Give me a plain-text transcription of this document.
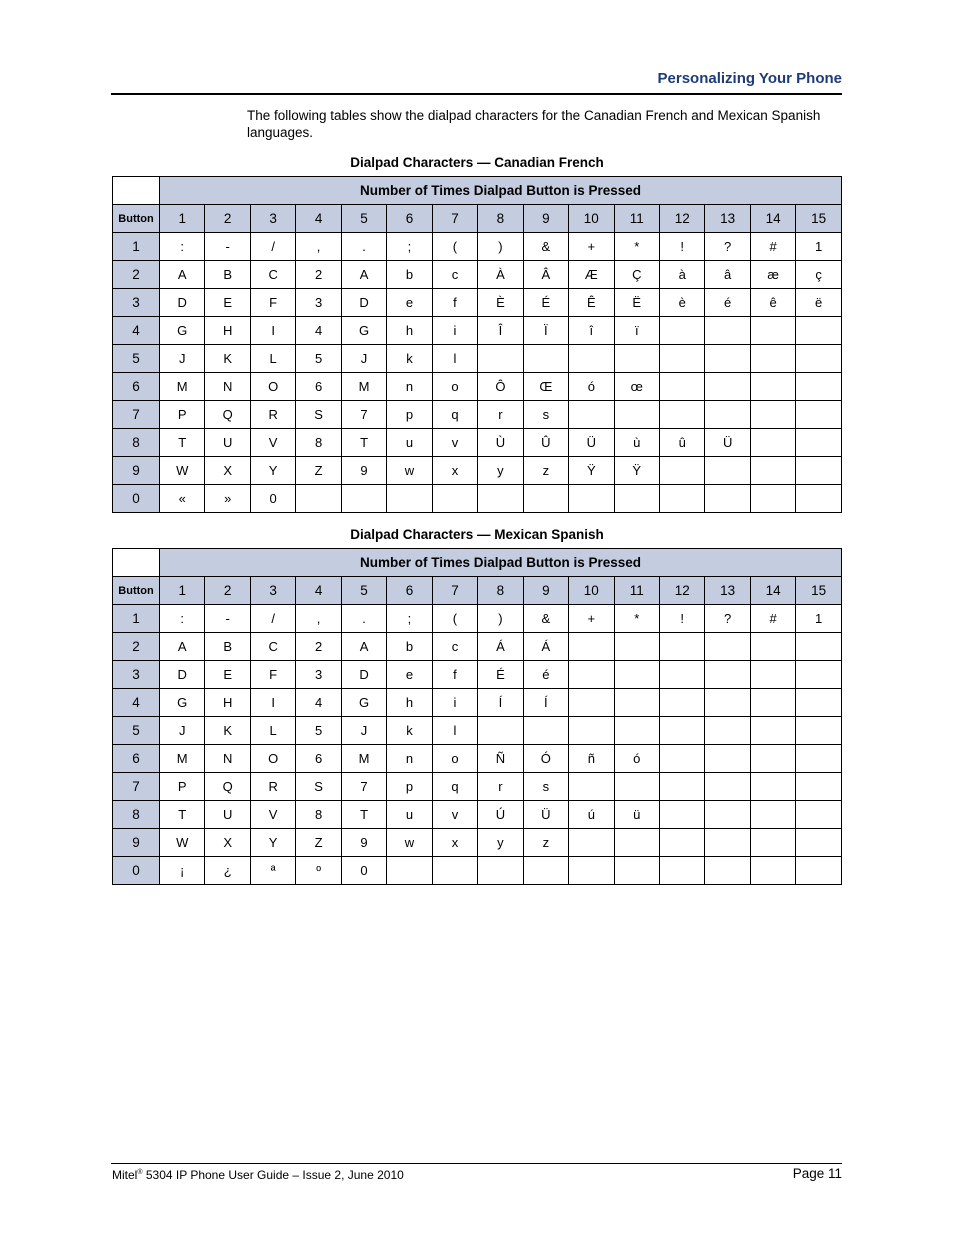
Personalizing Your Phone
The following tables show the dialpad characters for the Canadian French and Mexican Spanish languages.
Dialpad Characters — Canadian French
	Number of Times Dialpad Button is Pressed														
Button	1	2	3	4	5	6	7	8	9	10	11	12	13	14	15
1	:	-	/	,	.	;	(	)	&	+	*	!	?	#	1
2	A	B	C	2	A	b	c	À	Â	Æ	Ç	à	â	æ	ç
3	D	E	F	3	D	e	f	È	É	Ê	Ë	è	é	ê	ë
4	G	H	I	4	G	h	i	Î	Ï	î	ï				
5	J	K	L	5	J	k	l								
6	M	N	O	6	M	n	o	Ô	Œ	ó	œ				
7	P	Q	R	S	7	p	q	r	s						
8	T	U	V	8	T	u	v	Ù	Û	Ü	ù	û	Ü		
9	W	X	Y	Z	9	w	x	y	z	Ÿ	Ÿ				
0	«	»	0												
Dialpad Characters — Mexican Spanish
	Number of Times Dialpad Button is Pressed														
Button	1	2	3	4	5	6	7	8	9	10	11	12	13	14	15
1	:	-	/	,	.	;	(	)	&	+	*	!	?	#	1
2	A	B	C	2	A	b	c	Á	Á						
3	D	E	F	3	D	e	f	É	é						
4	G	H	I	4	G	h	i	Í	Í						
5	J	K	L	5	J	k	l								
6	M	N	O	6	M	n	o	Ñ	Ó	ñ	ó				
7	P	Q	R	S	7	p	q	r	s						
8	T	U	V	8	T	u	v	Ú	Ü	ú	ü				
9	W	X	Y	Z	9	w	x	y	z						
0	¡	¿	ª	º	0										
Mitel® 5304 IP Phone User Guide – Issue 2, June 2010	Page 11
